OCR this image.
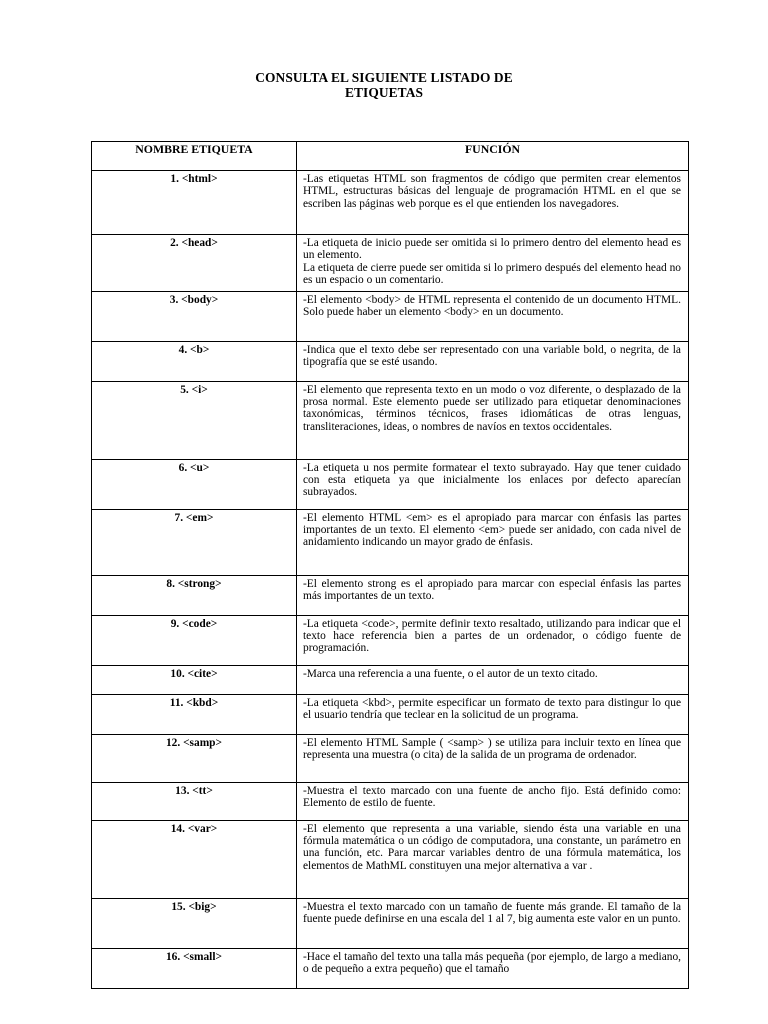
CONSULTA EL SIGUIENTE LISTADO DE
ETIQUETAS
NOMBRE ETIQUETA	FUNCIÓN
1. <html>	-Las etiquetas HTML son fragmentos de código que permiten crear elementos HTML, estructuras básicas del lenguaje de programación HTML en el que se escriben las páginas web porque es el que entienden los navegadores.

2. <head>	-La etiqueta de inicio puede ser omitida si lo primero dentro del elemento head es un elemento.
La etiqueta de cierre puede ser omitida si lo primero después del elemento head no es un espacio o un comentario.

3. <body>	-El elemento <body> de HTML representa el contenido de un documento HTML. Solo puede haber un elemento <body> en un documento.

4. <b>	-Indica que el texto debe ser representado con una variable bold, o negrita, de la tipografía que se esté usando.

5. <i>	-El elemento que representa texto en un modo o voz diferente, o desplazado de la prosa normal. Este elemento puede ser utilizado para etiquetar denominaciones taxonómicas, términos técnicos, frases idiomáticas de otras lenguas, transliteraciones, ideas, o nombres de navíos en textos occidentales.

6. <u>	-La etiqueta u nos permite formatear el texto subrayado. Hay que tener cuidado con esta etiqueta ya que inicialmente los enlaces por defecto aparecían subrayados.

7. <em>	-El elemento HTML <em> es el apropiado para marcar con énfasis las partes importantes de un texto. El elemento <em> puede ser anidado, con cada nivel de anidamiento indicando un mayor grado de énfasis.

8. <strong>	-El elemento strong es el apropiado para marcar con especial énfasis las partes más importantes de un texto.

9. <code>	-La etiqueta <code>, permite definir texto resaltado, utilizando para indicar que el texto hace referencia bien a partes de un ordenador, o código fuente de programación.

10. <cite>	-Marca una referencia a una fuente, o el autor de un texto citado.

11. <kbd>	-La etiqueta <kbd>, permite especificar un formato de texto para distingur lo que el usuario tendría que teclear en la solicitud de un programa.

12. <samp>	-El elemento HTML Sample ( <samp> ) se utiliza para incluir texto en línea que representa una muestra (o cita) de la salida de un programa de ordenador.

13. <tt>	-Muestra el texto marcado con una fuente de ancho fijo. Está definido como: Elemento de estilo de fuente.

14. <var>	-El elemento que representa a una variable, siendo ésta una variable en una fórmula matemática o un código de computadora, una constante, un parámetro en una función, etc. Para marcar variables dentro de una fórmula matemática, los elementos de MathML constituyen una mejor alternativa a var .

15. <big>	-Muestra el texto marcado con un tamaño de fuente más grande. El tamaño de la fuente puede definirse en una escala del 1 al 7, big aumenta este valor en un punto.

16. <small>	-Hace el tamaño del texto una talla más pequeña (por ejemplo, de largo a mediano, o de pequeño a extra pequeño) que el tamaño
